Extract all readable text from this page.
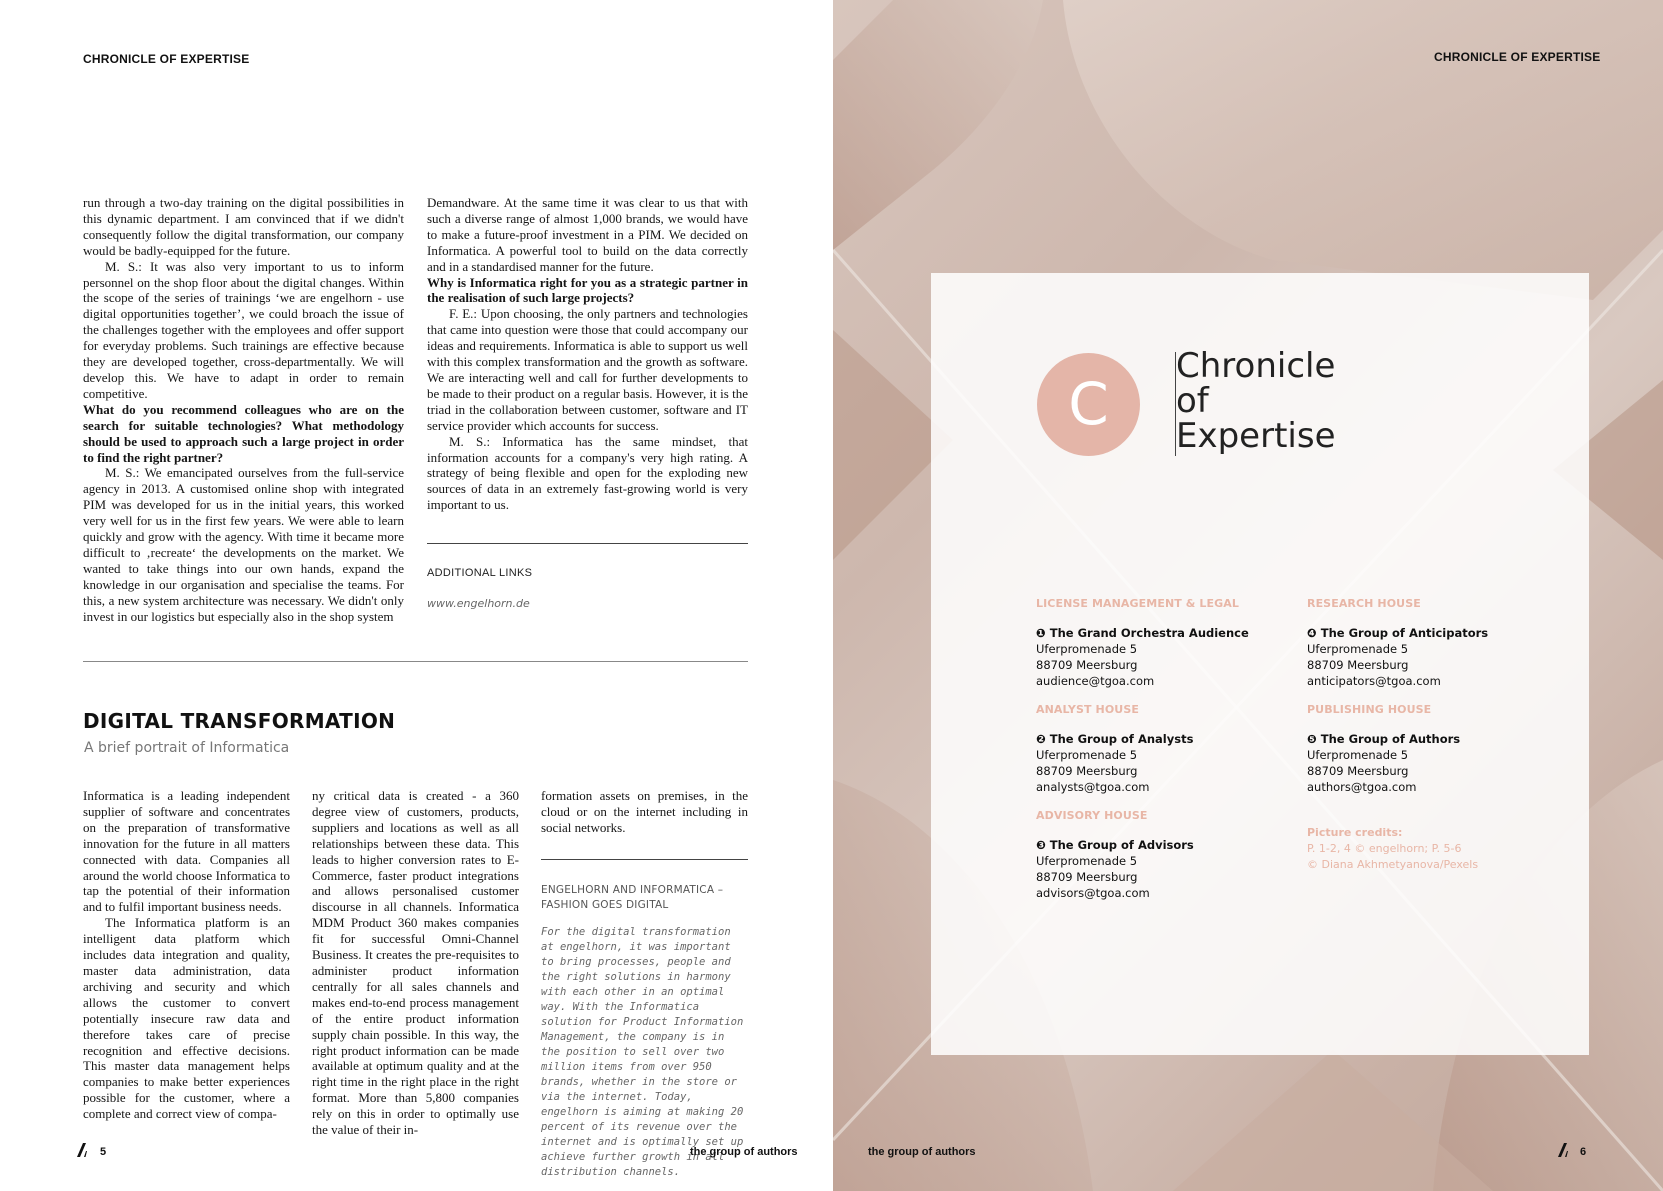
CHRONICLE OF EXPERTISE

run through a two-day training on the digital possibilities in this dynamic department. I am convinced that if we didn't consequently follow the digital transformation, our company would be badly-equipped for the future.

M. S.: It was also very important to us to inform personnel on the shop floor about the digital changes. Within the scope of the series of trainings ‘we are engelhorn - use digital opportunities together’, we could broach the issue of the challenges together with the employees and offer support for everyday problems. Such trainings are effective because they are developed together, cross-departmentally. We will develop this. We have to adapt in order to remain competitive.

What do you recommend colleagues who are on the search for suitable technologies? What methodology should be used to approach such a large project in order to find the right partner?

M. S.: We emancipated ourselves from the full-service agency in 2013. A customised online shop with integrated PIM was developed for us in the initial years, this worked very well for us in the first few years. We were able to learn quickly and grow with the agency. With time it became more difficult to ‚recreate‘ the developments on the market. We wanted to take things into our own hands, expand the knowledge in our organisation and specialise the teams. For this, a new system architecture was necessary. We didn't only invest in our logistics but especially also in the shop system

Demandware. At the same time it was clear to us that with such a diverse range of almost 1,000 brands, we would have to make a future-proof investment in a PIM. We decided on Informatica. A powerful tool to build on the data correctly and in a standardised manner for the future.

Why is Informatica right for you as a strategic partner in the realisation of such large projects?

F. E.: Upon choosing, the only partners and technologies that came into question were those that could accompany our ideas and requirements. Informatica is able to support us well with this complex transformation and the growth as software. We are interacting well and call for further developments to be made to their product on a regular basis. However, it is the triad in the collaboration between customer, software and IT service provider which accounts for success.

M. S.: Informatica has the same mindset, that information accounts for a company's very high rating. A strategy of being flexible and open for the exploding new sources of data in an extremely fast-growing world is very important to us.

ADDITIONAL LINKS
www.engelhorn.de
DIGITAL TRANSFORMATION
A brief portrait of Informatica

Informatica is a leading independent supplier of software and concentrates on the preparation of transformative innovation for the future in all matters connected with data. Companies all around the world choose Informatica to tap the potential of their information and to fulfil important business needs.

The Informatica platform is an intelligent data platform which includes data integration and quality, master data administration, data archiving and security and which allows the customer to convert potentially insecure raw data and therefore takes care of precise recognition and effective decisions. This master data management helps companies to make better experiences possible for the customer, where a complete and correct view of compa-

ny critical data is created - a 360 degree view of customers, products, suppliers and locations as well as all relationships between these data. This leads to higher conversion rates to E-Commerce, faster product integrations and allows personalised customer discourse in all channels. Informatica MDM Product 360 makes companies fit for successful Omni-Channel Business. It creates the pre-requisites to administer product information centrally for all sales channels and makes end-to-end process management of the entire product information supply chain possible. In this way, the right product information can be made available at optimum quality and at the right time in the right place in the right format. More than 5,800 companies rely on this in order to optimally use the value of their in-

formation assets on premises, in the cloud or on the internet including in social networks.

ENGELHORN AND INFORMATICA – FASHION GOES DIGITAL
For the digital transformation at engelhorn, it was important to bring processes, people and the right solutions in harmony with each other in an optimal way. With the Informatica solution for Product Information Management, the company is in the position to sell over two million items from over 950 brands, whether in the store or via the internet. Today, engelhorn is aiming at making 20 percent of its revenue over the internet and is optimally set up achieve further growth in all distribution channels.
5	the group of authors
CHRONICLE OF EXPERTISE
C
Chronicle
of
Expertise
LICENSE MANAGEMENT & LEGAL
❶ The Grand Orchestra Audience
Uferpromenade 5
88709 Meersburg
audience@tgoa.com
ANALYST HOUSE
❷ The Group of Analysts
Uferpromenade 5
88709 Meersburg
analysts@tgoa.com
ADVISORY HOUSE
❸ The Group of Advisors
Uferpromenade 5
88709 Meersburg
advisors@tgoa.com
RESEARCH HOUSE
❹ The Group of Anticipators
Uferpromenade 5
88709 Meersburg
anticipators@tgoa.com
PUBLISHING HOUSE
❺ The Group of Authors
Uferpromenade 5
88709 Meersburg
authors@tgoa.com
Picture credits:
P. 1-2, 4 © engelhorn; P. 5-6
© Diana Akhmetyanova/Pexels
the group of authors	6
